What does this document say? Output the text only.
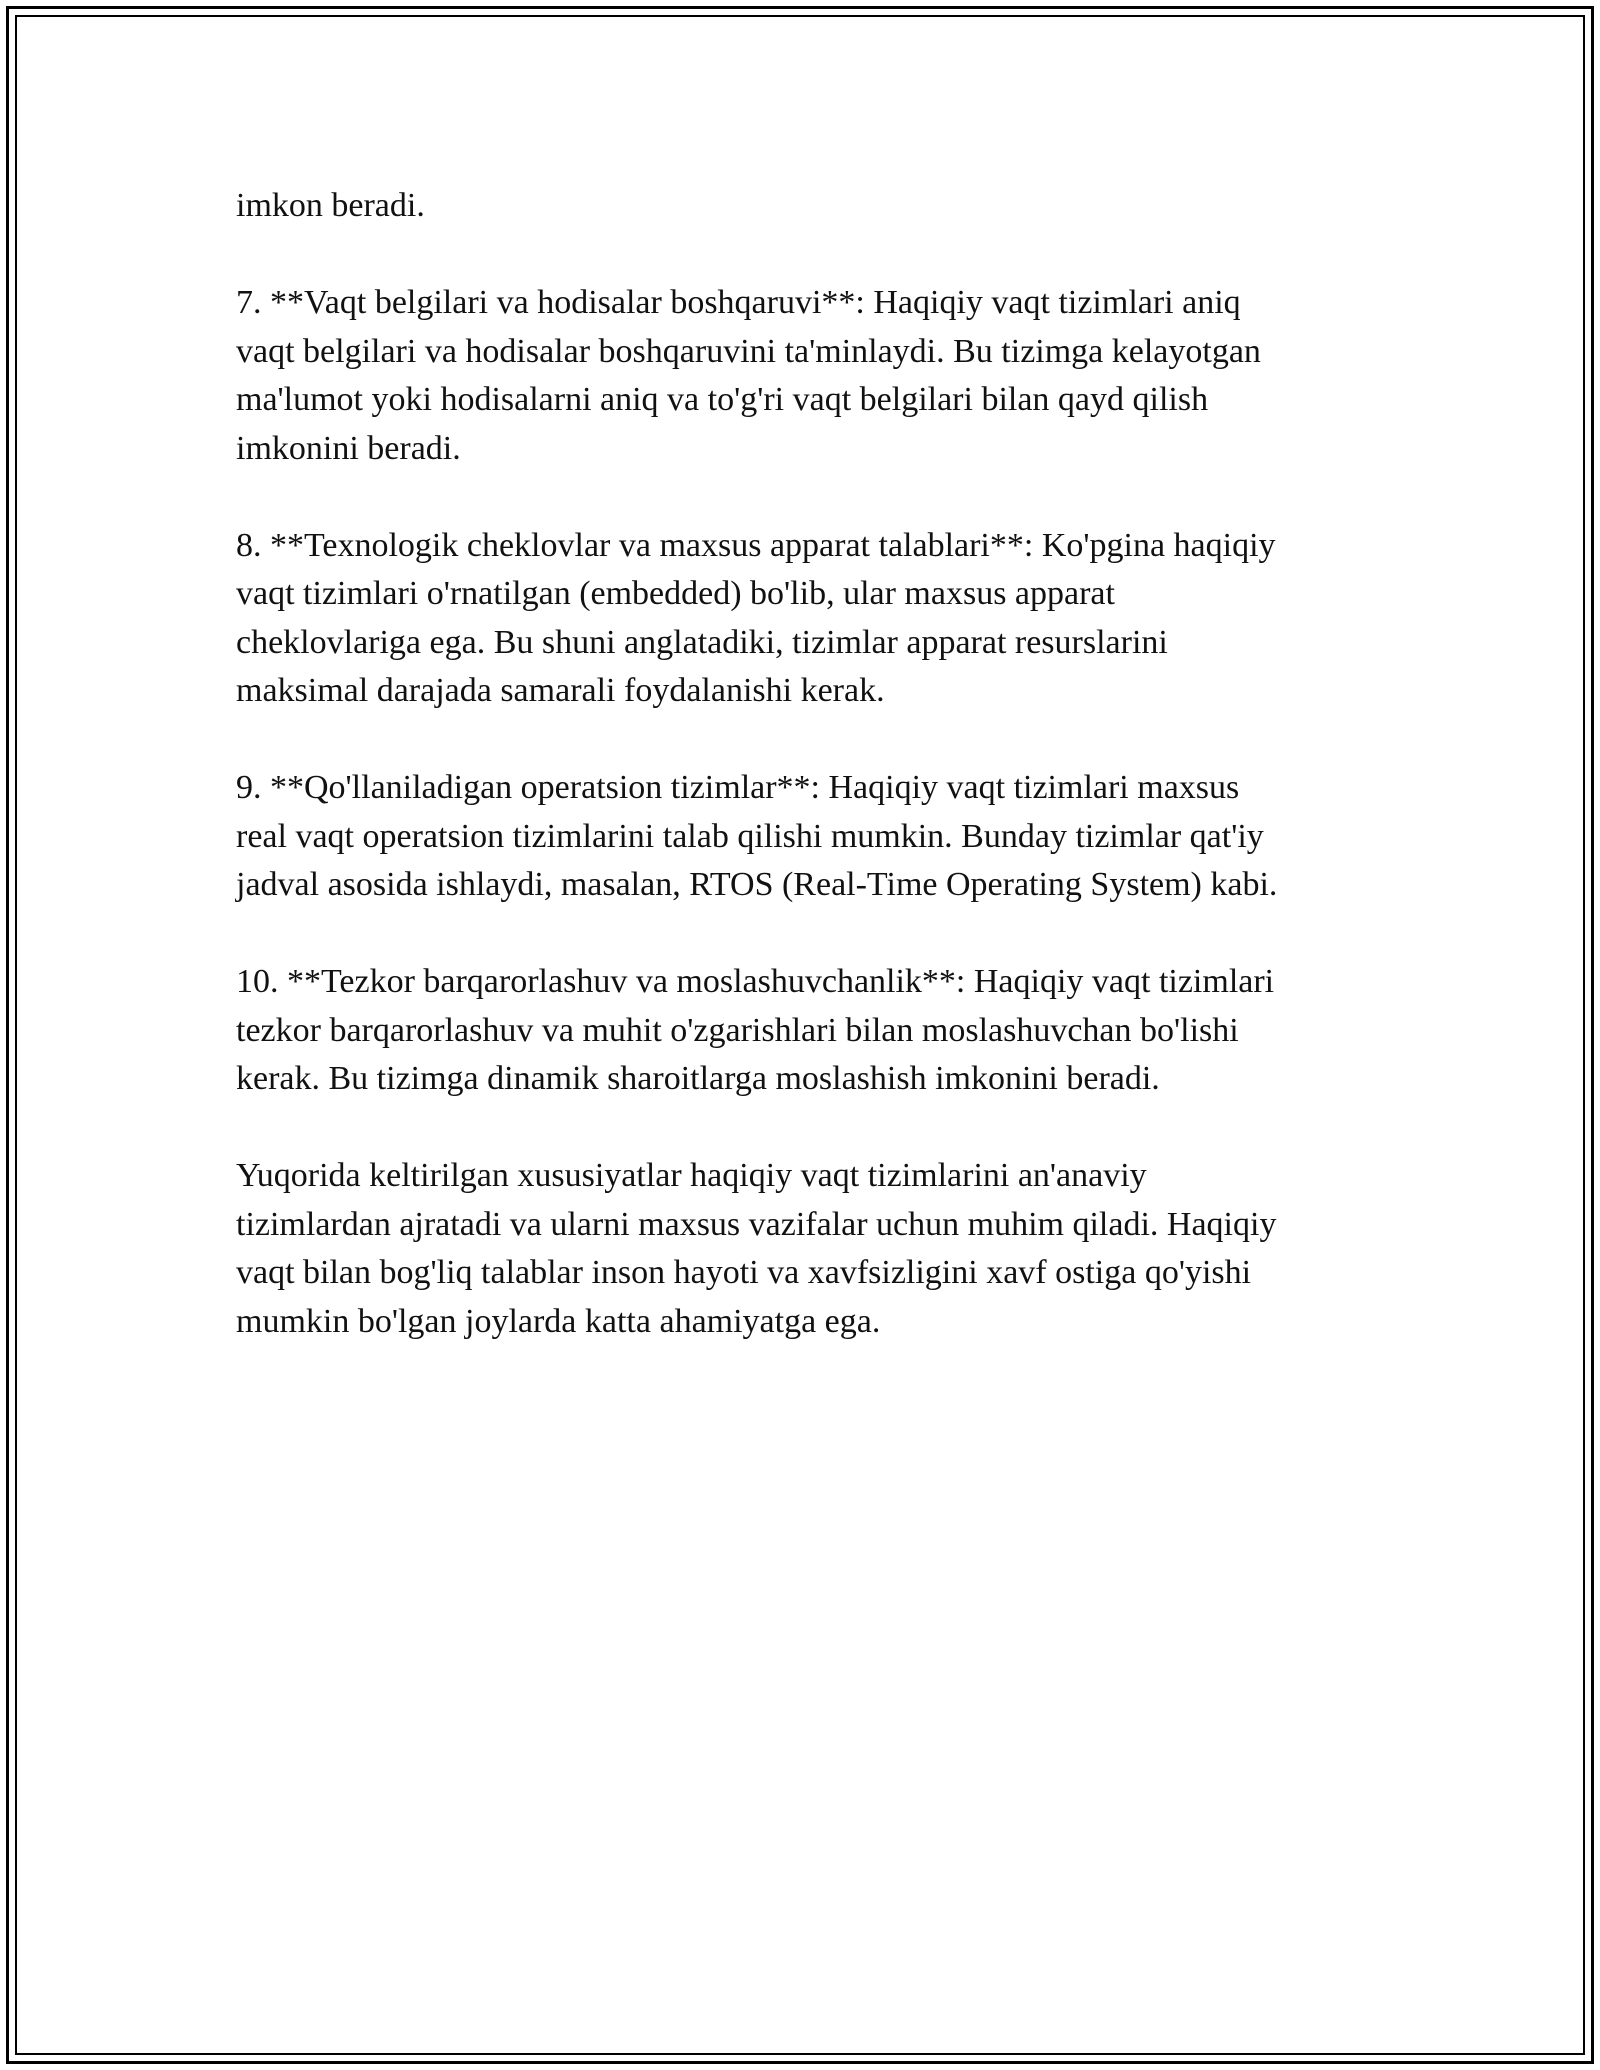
imkon beradi.

7. **Vaqt belgilari va hodisalar boshqaruvi**: Haqiqiy vaqt tizimlari aniq
vaqt belgilari va hodisalar boshqaruvini ta'minlaydi. Bu tizimga kelayotgan
ma'lumot yoki hodisalarni aniq va to'g'ri vaqt belgilari bilan qayd qilish
imkonini beradi.

8. **Texnologik cheklovlar va maxsus apparat talablari**: Ko'pgina haqiqiy
vaqt tizimlari o'rnatilgan (embedded) bo'lib, ular maxsus apparat
cheklovlariga ega. Bu shuni anglatadiki, tizimlar apparat resurslarini
maksimal darajada samarali foydalanishi kerak.

9. **Qo'llaniladigan operatsion tizimlar**: Haqiqiy vaqt tizimlari maxsus
real vaqt operatsion tizimlarini talab qilishi mumkin. Bunday tizimlar qat'iy
jadval asosida ishlaydi, masalan, RTOS (Real-Time Operating System) kabi.

10. **Tezkor barqarorlashuv va moslashuvchanlik**: Haqiqiy vaqt tizimlari
tezkor barqarorlashuv va muhit o'zgarishlari bilan moslashuvchan bo'lishi
kerak. Bu tizimga dinamik sharoitlarga moslashish imkonini beradi.

Yuqorida keltirilgan xususiyatlar haqiqiy vaqt tizimlarini an'anaviy
tizimlardan ajratadi va ularni maxsus vazifalar uchun muhim qiladi. Haqiqiy
vaqt bilan bog'liq talablar inson hayoti va xavfsizligini xavf ostiga qo'yishi
mumkin bo'lgan joylarda katta ahamiyatga ega.
